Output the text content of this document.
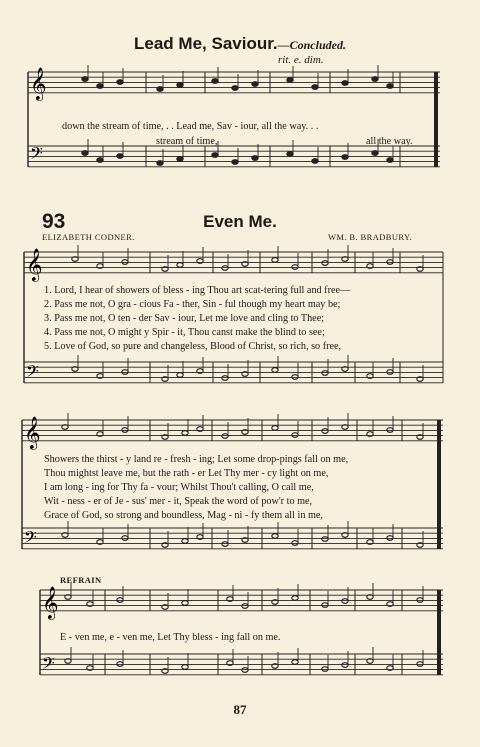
Lead Me, Saviour.—Concluded.
rit. e. dim.
𝄞
𝄢
𝄞
𝄢
𝄞
𝄢
𝄞
𝄢
down the stream of time, . . Lead me, Sav - iour, all the way. . .
stream of time,	all the way.
93	Even Me.
ELIZABETH CODNER.	WM. B. BRADBURY.
1. Lord, I hear of showers of bless - ing Thou art scat-tering full and free—
2. Pass me not, O gra - cious Fa - ther, Sin - ful though my heart may be;
3. Pass me not, O ten - der Sav - iour, Let me love and cling to Thee;
4. Pass me not, O might y Spir - it, Thou canst make the blind to see;
5. Love of God, so pure and changeless, Blood of Christ, so rich, so free,
Showers the thirst - y land re - fresh - ing; Let some drop-pings fall on me,
Thou mightst leave me, but the rath - er Let Thy mer - cy light on me,
I am long - ing for Thy fa - vour; Whilst Thou't calling, O call me,
Wit - ness - er of Je - sus' mer - it, Speak the word of pow'r to me,
Grace of God, so strong and boundless, Mag - ni - fy them all in me,
REFRAIN
E - ven me, e - ven me, Let Thy bless - ing fall on me.
87
